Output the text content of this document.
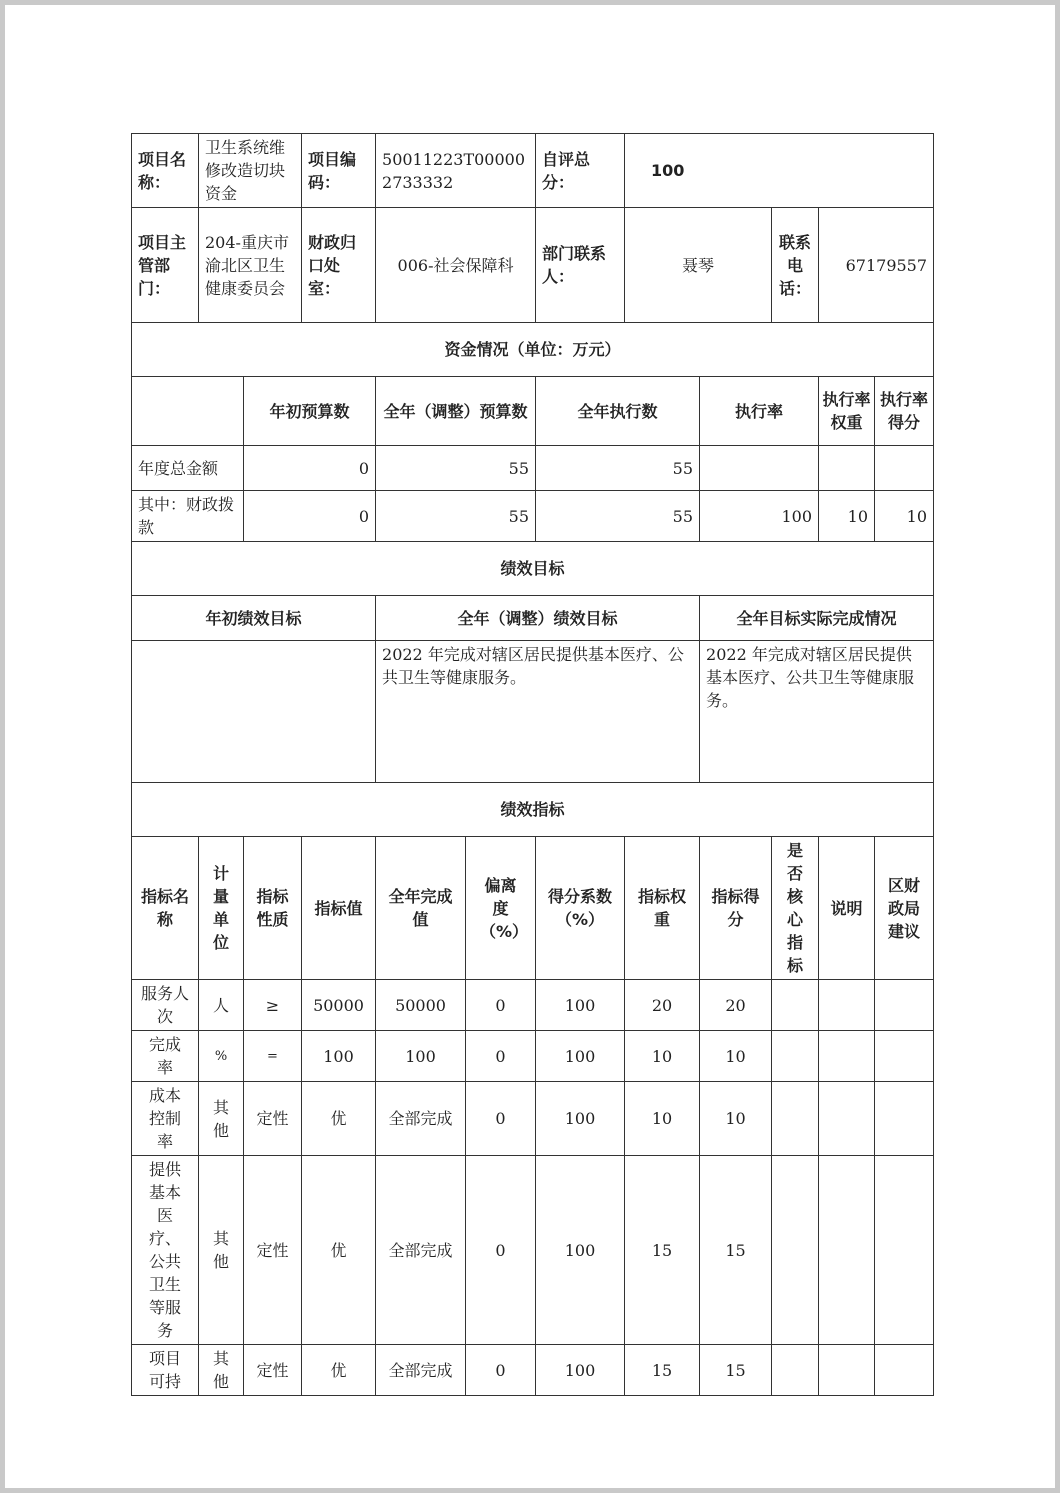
项目名称：	卫生系统维修改造切块资金		项目编码：	50011223T000002733332		自评总分：	100				
项目主管部门：	204-重庆市渝北区卫生健康委员会		财政归口处室：	006-社会保障科		部门联系人：	聂琴		联系电话：	67179557	
资金情况（单位：万元）											
		年初预算数		全年（调整）预算数		全年执行数		执行率		执行率权重	执行率得分
年度总金额		0		55		55					
其中：财政拨款		0		55		55		100		10	10
绩效目标											
年初绩效目标				全年（调整）绩效目标				全年目标实际完成情况			
				2022 年完成对辖区居民提供基本医疗、公共卫生等健康服务。				2022 年完成对辖区居民提供基本医疗、公共卫生等健康服务。			
绩效指标											
指标名称	计量单位	指标性质	指标值	全年完成值	偏离度（%）	得分系数（%）	指标权重	指标得分	是否核心指标	说明	区财政局建议
服务人次	人	≥	50000	50000	0	100	20	20			
完成率	%	=	100	100	0	100	10	10			
成本控制率	其他	定性	优	全部完成	0	100	10	10			
提供基本医疗、公共卫生等服务	其他	定性	优	全部完成	0	100	15	15			
项目可持	其他	定性	优	全部完成	0	100	15	15			
